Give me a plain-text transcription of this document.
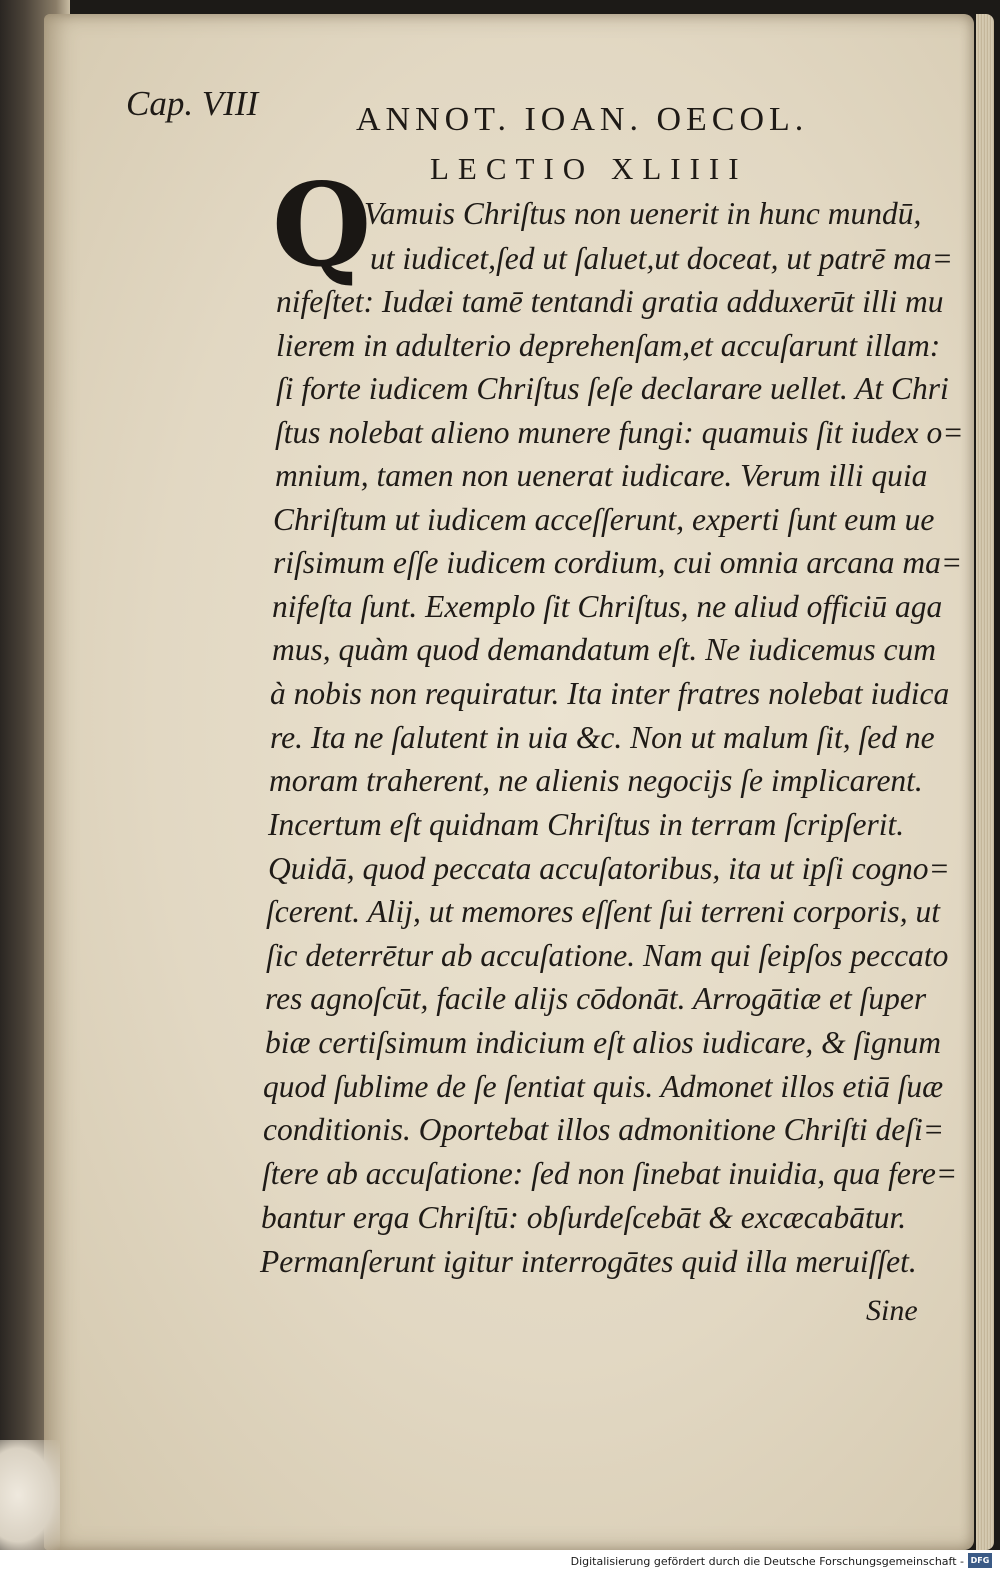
Cap. VIII	ANNOT. IOAN. OECOL.
LECTIO XLIIII
Q
Vamuis Chriſtus non uenerit in hunc mundū,
ut iudicet,ſed ut ſaluet,ut doceat, ut patrē ma=
nifeſtet: Iudæi tamē tentandi gratia adduxerūt illi mu
lierem in adulterio deprehenſam,et accuſarunt illam:
ſi forte iudicem Chriſtus ſeſe declarare uellet. At Chri
ſtus nolebat alieno munere fungi: quamuis ſit iudex o=
mnium, tamen non uenerat iudicare. Verum illi quia
Chriſtum ut iudicem acceſſerunt, experti ſunt eum ue
riſsimum eſſe iudicem cordium, cui omnia arcana ma=
nifeſta ſunt. Exemplo ſit Chriſtus, ne aliud officiū aga
mus, quàm quod demandatum eſt. Ne iudicemus cum
à nobis non requiratur. Ita inter fratres nolebat iudica
re. Ita ne ſalutent in uia &c. Non ut malum ſit, ſed ne
moram traherent, ne alienis negocijs ſe implicarent.
Incertum eſt quidnam Chriſtus in terram ſcripſerit.
Quidā, quod peccata accuſatoribus, ita ut ipſi cogno=
ſcerent. Alij, ut memores eſſent ſui terreni corporis, ut
ſic deterrētur ab accuſatione. Nam qui ſeipſos peccato
res agnoſcūt, facile alijs cōdonāt. Arrogātiæ et ſuper
biæ certiſsimum indicium eſt alios iudicare, & ſignum
quod ſublime de ſe ſentiat quis. Admonet illos etiā ſuæ
conditionis. Oportebat illos admonitione Chriſti deſi=
ſtere ab accuſatione: ſed non ſinebat inuidia, qua fere=
bantur erga Chriſtū: obſurdeſcebāt & excæcabātur.
Permanſerunt igitur interrogātes quid illa meruiſſet.
Sine
Digitalisierung gefördert durch die Deutsche Forschungsgemeinschaft - DFG
